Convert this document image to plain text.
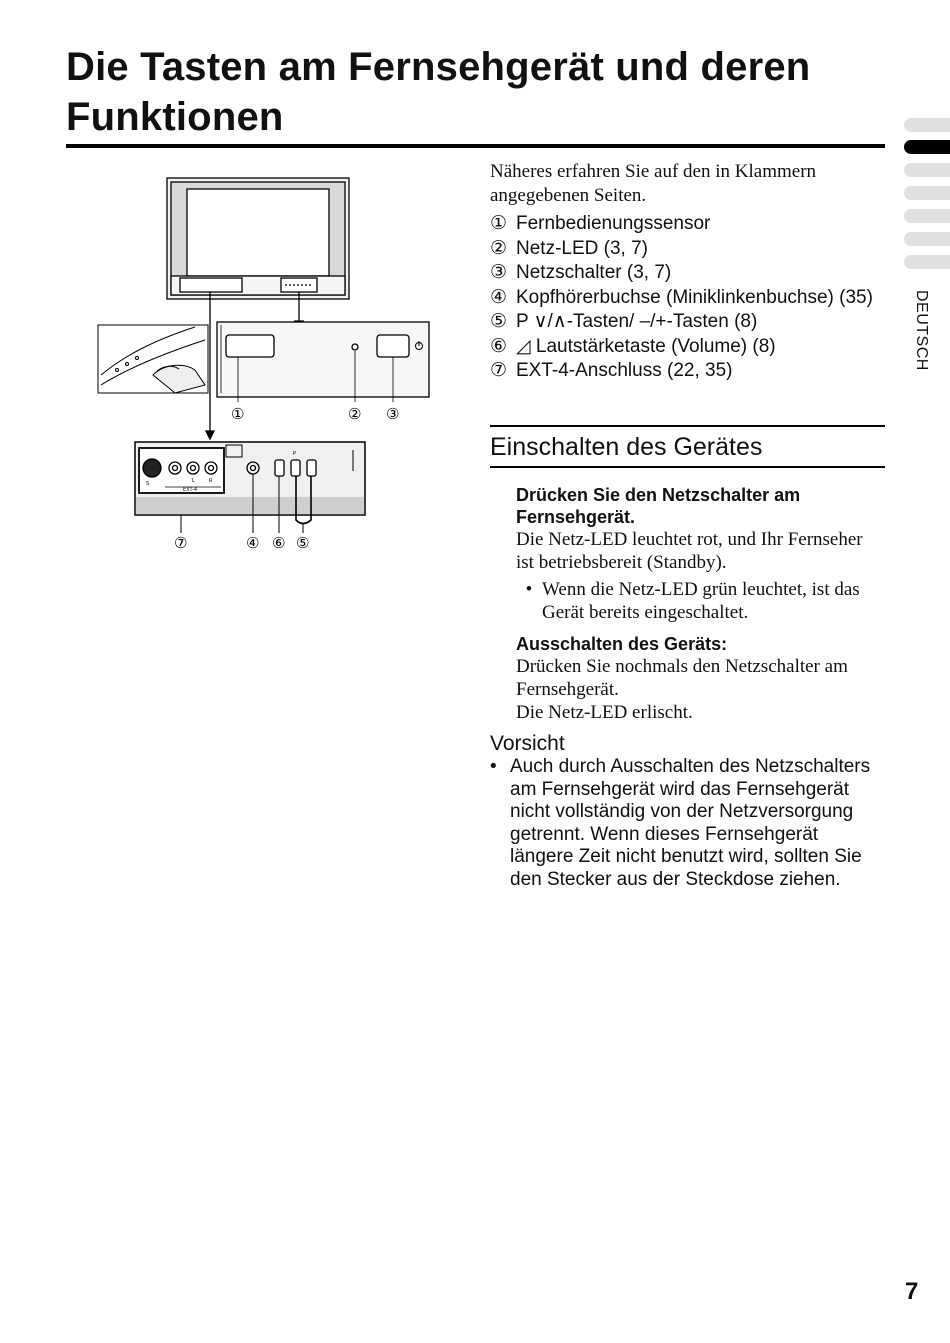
Die Tasten am Fernsehgerät und deren Funktionen
DEUTSCH
①	② ③
S	L	R
EXT-4
P
⑦	④ ⑥ ⑤

Näheres erfahren Sie auf den in Klammern angegebenen Seiten.

① Fernbedienungssensor
② Netz-LED (3, 7)
③ Netzschalter (3, 7)
④ Kopfhörerbuchse (Miniklinkenbuchse) (35)
⑤ P ∨/∧-Tasten/ –/+-Tasten (8)
⑥ ◿ Lautstärketaste (Volume) (8)
⑦ EXT-4-Anschluss (22, 35)
Einschalten des Gerätes

Drücken Sie den Netzschalter am Fernsehgerät.

Die Netz-LED leuchtet rot, und Ihr Fernseher ist betriebsbereit (Standby).

• Wenn die Netz-LED grün leuchtet, ist das Gerät bereits eingeschaltet.

Ausschalten des Geräts:

Drücken Sie nochmals den Netzschalter am Fernsehgerät.

Die Netz-LED erlischt.

Vorsicht
• Auch durch Ausschalten des Netzschalters am Fernsehgerät wird das Fernsehgerät nicht vollständig von der Netzversorgung getrennt. Wenn dieses Fernsehgerät längere Zeit nicht benutzt wird, sollten Sie den Stecker aus der Steckdose ziehen.
7
